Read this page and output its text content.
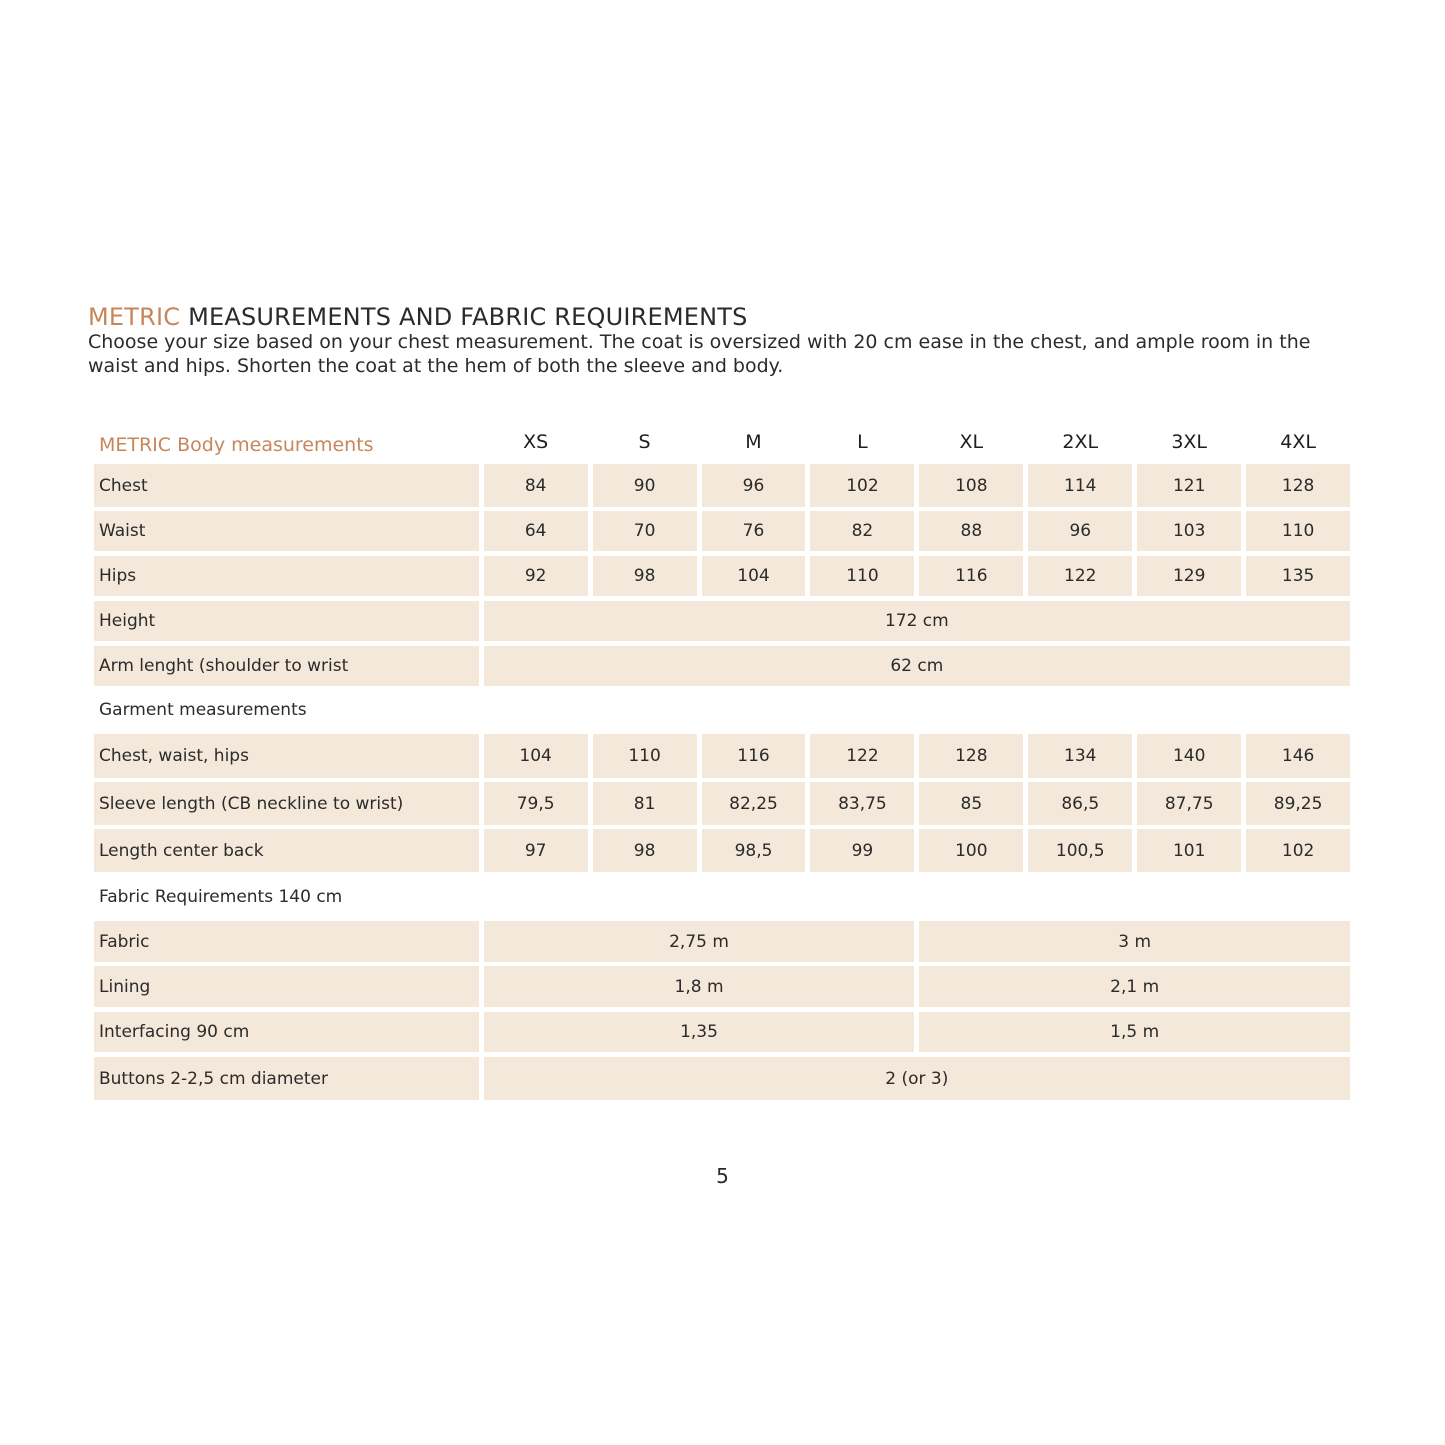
METRIC MEASUREMENTS AND FABRIC REQUIREMENTS

Choose your size based on your chest measurement. The coat is oversized with 20 cm ease in the chest, and ample room in the waist and hips. Shorten the coat at the hem of both the sleeve and body.

METRIC Body measurements	XS	S	M	L	XL	2XL	3XL	4XL
Chest	84	90	96	102	108	114	121	128
Waist	64	70	76	82	88	96	103	110
Hips	92	98	104	110	116	122	129	135
Height	172 cm
Arm lenght (shoulder to wrist	62 cm
Garment measurements
Chest, waist, hips	104	110	116	122	128	134	140	146
Sleeve length (CB neckline to wrist)	79,5	81	82,25	83,75	85	86,5	87,75	89,25
Length center back	97	98	98,5	99	100	100,5	101	102
Fabric Requirements 140 cm
Fabric	2,75 m	3 m
Lining	1,8 m	2,1 m
Interfacing 90 cm	1,35	1,5 m
Buttons 2-2,5 cm diameter	2 (or 3)
5
